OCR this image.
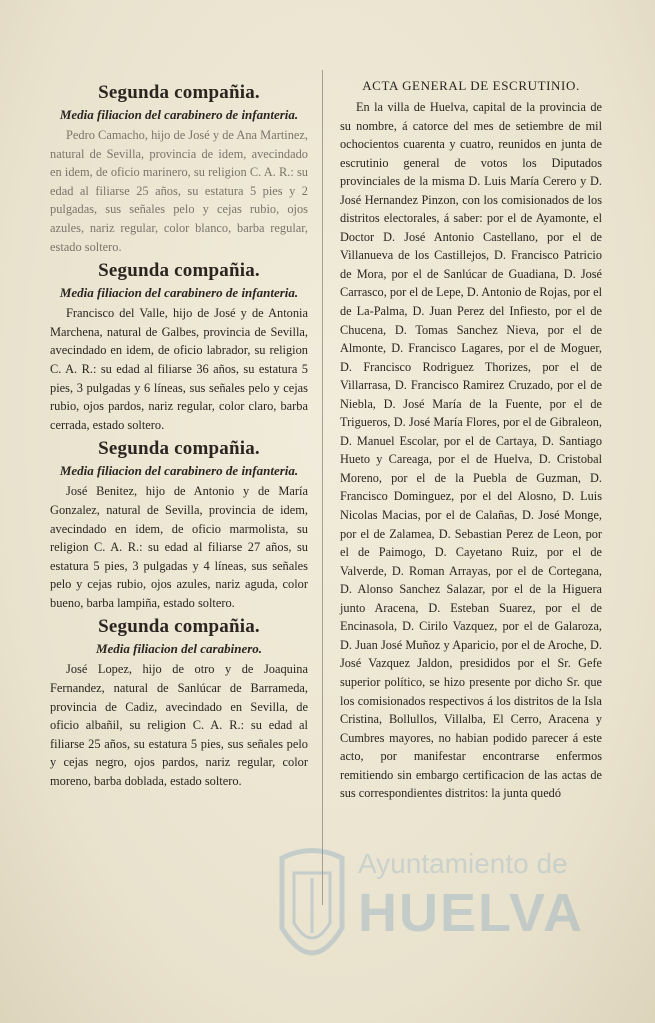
Segunda compañia.
Media filiacion del carabinero de infanteria.

Pedro Camacho, hijo de José y de Ana Martinez, natural de Sevilla, provincia de idem, avecindado en idem, de oficio marinero, su religion C. A. R.: su edad al filiarse 25 años, su estatura 5 pies y 2 pulgadas, sus señales pelo y cejas rubio, ojos azules, nariz regular, color blanco, barba regular, estado soltero.

Segunda compañia.
Media filiacion del carabinero de infanteria.

Francisco del Valle, hijo de José y de Antonia Marchena, natural de Galbes, provincia de Sevilla, avecindado en idem, de oficio labrador, su religion C. A. R.: su edad al filiarse 36 años, su estatura 5 pies, 3 pulgadas y 6 líneas, sus señales pelo y cejas rubio, ojos pardos, nariz regular, color claro, barba cerrada, estado soltero.

Segunda compañia.
Media filiacion del carabinero de infanteria.

José Benitez, hijo de Antonio y de María Gonzalez, natural de Sevilla, provincia de idem, avecindado en idem, de oficio marmolista, su religion C. A. R.: su edad al filiarse 27 años, su estatura 5 pies, 3 pulgadas y 4 líneas, sus señales pelo y cejas rubio, ojos azules, nariz aguda, color bueno, barba lampiña, estado soltero.

Segunda compañia.
Media filiacion del carabinero.

José Lopez, hijo de otro y de Joaquina Fernandez, natural de Sanlúcar de Barrameda, provincia de Cadiz, avecindado en Sevilla, de oficio albañil, su religion C. A. R.: su edad al filiarse 25 años, su estatura 5 pies, sus señales pelo y cejas negro, ojos pardos, nariz regular, color moreno, barba doblada, estado soltero.

ACTA GENERAL DE ESCRUTINIO.

En la villa de Huelva, capital de la provincia de su nombre, á catorce del mes de setiembre de mil ochocientos cuarenta y cuatro, reunidos en junta de escrutinio general de votos los Diputados provinciales de la misma D. Luis María Cerero y D. José Hernandez Pinzon, con los comisionados de los distritos electorales, á saber: por el de Ayamonte, el Doctor D. José Antonio Castellano, por el de Villanueva de los Castillejos, D. Francisco Patricio de Mora, por el de Sanlúcar de Guadiana, D. José Carrasco, por el de Lepe, D. Antonio de Rojas, por el de La-Palma, D. Juan Perez del Infiesto, por el de Chucena, D. Tomas Sanchez Nieva, por el de Almonte, D. Francisco Lagares, por el de Moguer, D. Francisco Rodriguez Thorizes, por el de Villarrasa, D. Francisco Ramirez Cruzado, por el de Niebla, D. José María de la Fuente, por el de Trigueros, D. José María Flores, por el de Gibraleon, D. Manuel Escolar, por el de Cartaya, D. Santiago Hueto y Careaga, por el de Huelva, D. Cristobal Moreno, por el de la Puebla de Guzman, D. Francisco Dominguez, por el del Alosno, D. Luis Nicolas Macias, por el de Calañas, D. José Monge, por el de Zalamea, D. Sebastian Perez de Leon, por el de Paimogo, D. Cayetano Ruiz, por el de Valverde, D. Roman Arrayas, por el de Cortegana, D. Alonso Sanchez Salazar, por el de la Higuera junto Aracena, D. Esteban Suarez, por el de Encinasola, D. Cirilo Vazquez, por el de Galaroza, D. Juan José Muñoz y Aparicio, por el de Aroche, D. José Vazquez Jaldon, presididos por el Sr. Gefe superior político, se hizo presente por dicho Sr. que los comisionados respectivos á los distritos de la Isla Cristina, Bollullos, Villalba, El Cerro, Aracena y Cumbres mayores, no habian podido parecer á este acto, por manifestar encontrarse enfermos remitiendo sin embargo certificacion de las actas de sus correspondientes distritos: la junta quedó

Ayuntamiento de
HUELVA
